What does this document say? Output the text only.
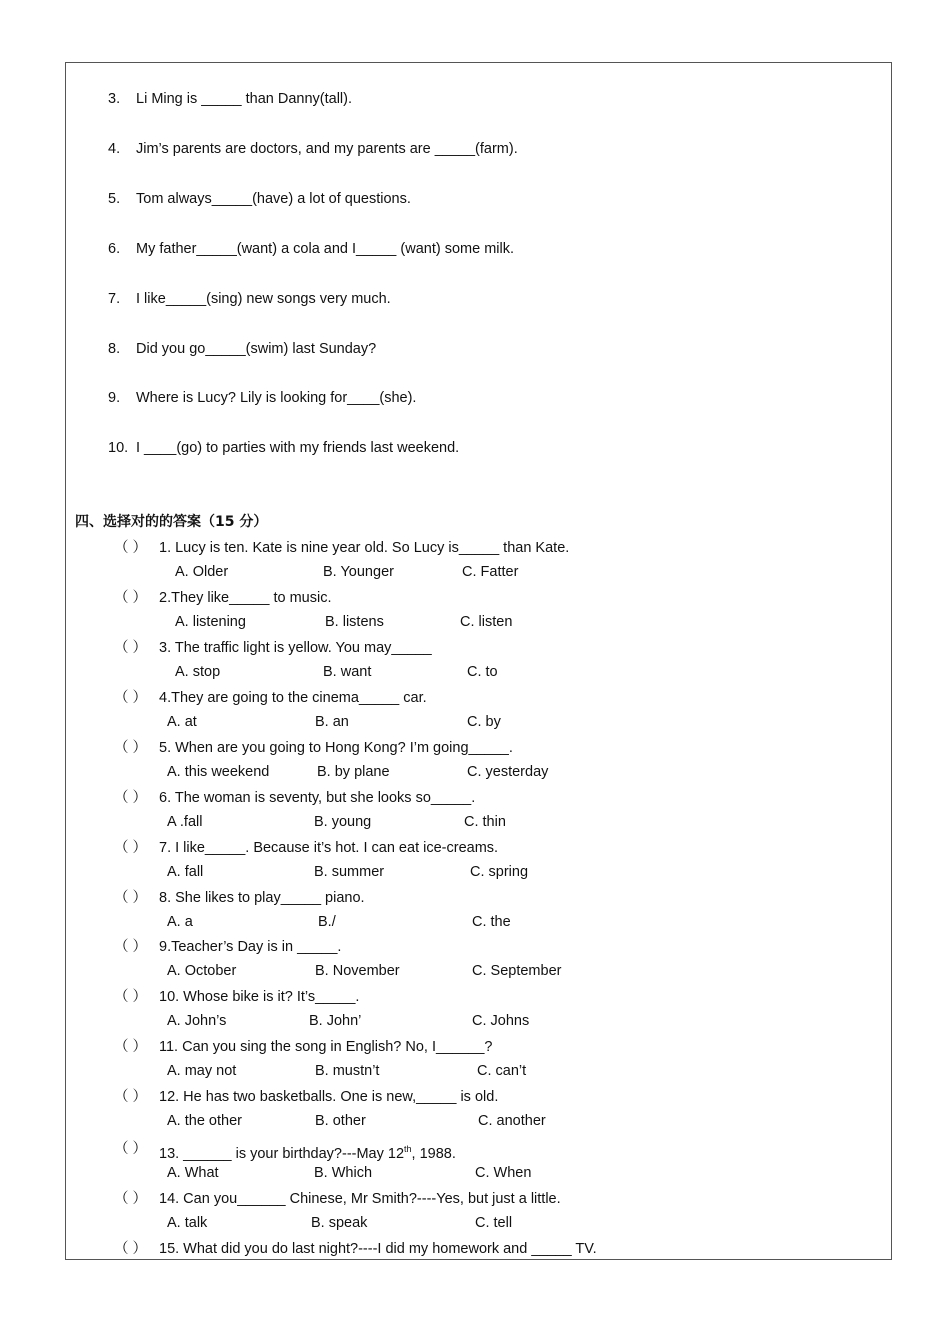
3. Li Ming is _____ than Danny(tall).
4. Jim’s parents are doctors, and my parents are _____(farm).
5. Tom always_____(have) a lot of questions.
6. My father_____(want) a cola and I_____ (want) some milk.
7. I like_____(sing) new songs very much.
8. Did you go_____(swim) last Sunday?
9. Where is Lucy? Lily is looking for____(she).
10. I ____(go) to parties with my friends last weekend.
四、选择对的的答案（15 分）
（ ） 1. Lucy is ten. Kate is nine year old. So Lucy is_____ than Kate.
A. Older	B. Younger	C. Fatter
（ ） 2.They like_____ to music.
A. listening	B. listens	C. listen
（ ） 3. The traffic light is yellow. You may_____
A. stop	B. want	C. to
（ ） 4.They are going to the cinema_____ car.
A. at	B. an	C. by
（ ） 5. When are you going to Hong Kong? I’m going_____.
A. this weekend	B. by plane	C. yesterday
（ ） 6. The woman is seventy, but she looks so_____.
A .fall	B. young	C. thin
（ ） 7. I like_____. Because it’s hot. I can eat ice-creams.
A. fall	B. summer	C. spring
（ ） 8. She likes to play_____ piano.
A. a	B./	C. the
（ ） 9.Teacher’s Day is in _____.
A. October	B. November	C. September
（ ） 10. Whose bike is it? It’s_____.
A. John’s	B. John’	C. Johns
（ ） 11. Can you sing the song in English? No, I______?
A. may not	B. mustn’t	C. can’t
（ ） 12. He has two basketballs. One is new,_____ is old.
A. the other	B. other	C. another
（ ） 13. ______ is your birthday?---May 12th, 1988.
A. What	B. Which	C. When
（ ） 14. Can you______ Chinese, Mr Smith?----Yes, but just a little.
A. talk	B. speak	C. tell
（ ） 15. What did you do last night?----I did my homework and _____ TV.
